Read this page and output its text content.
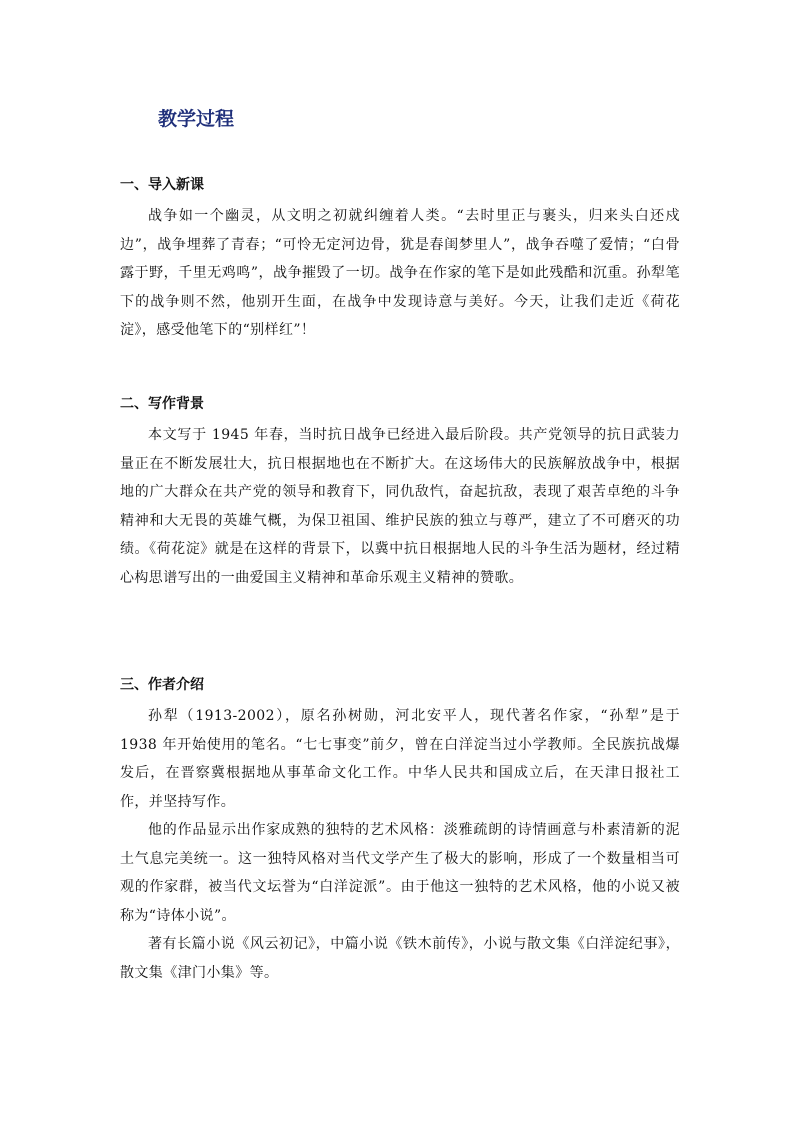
教学过程
一、导入新课

战争如一个幽灵，从文明之初就纠缠着人类。“去时里正与裹头，归来头白还戍边”，战争埋葬了青春；“可怜无定河边骨，犹是春闺梦里人”，战争吞噬了爱情；“白骨露于野，千里无鸡鸣”，战争摧毁了一切。战争在作家的笔下是如此残酷和沉重。孙犁笔下的战争则不然，他别开生面，在战争中发现诗意与美好。今天，让我们走近《荷花淀》，感受他笔下的“别样红”！

二、写作背景

本文写于 1945 年春，当时抗日战争已经进入最后阶段。共产党领导的抗日武装力量正在不断发展壮大，抗日根据地也在不断扩大。在这场伟大的民族解放战争中，根据地的广大群众在共产党的领导和教育下，同仇敌忾，奋起抗敌，表现了艰苦卓绝的斗争精神和大无畏的英雄气概，为保卫祖国、维护民族的独立与尊严，建立了不可磨灭的功绩。《荷花淀》就是在这样的背景下，以冀中抗日根据地人民的斗争生活为题材，经过精心构思谱写出的一曲爱国主义精神和革命乐观主义精神的赞歌。

三、作者介绍

孙犁（1913-2002），原名孙树勋，河北安平人，现代著名作家，“孙犁”是于 1938 年开始使用的笔名。“七七事变”前夕，曾在白洋淀当过小学教师。全民族抗战爆发后，在晋察冀根据地从事革命文化工作。中华人民共和国成立后，在天津日报社工作，并坚持写作。

他的作品显示出作家成熟的独特的艺术风格：淡雅疏朗的诗情画意与朴素清新的泥土气息完美统一。这一独特风格对当代文学产生了极大的影响，形成了一个数量相当可观的作家群，被当代文坛誉为“白洋淀派”。由于他这一独特的艺术风格，他的小说又被称为“诗体小说”。

著有长篇小说《风云初记》，中篇小说《铁木前传》，小说与散文集《白洋淀纪事》，散文集《津门小集》等。
